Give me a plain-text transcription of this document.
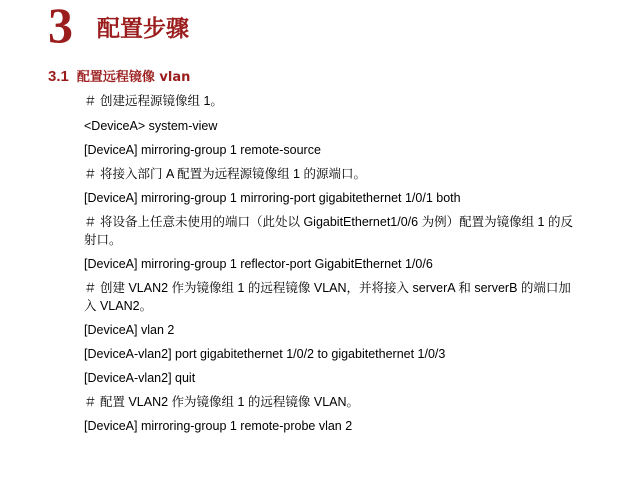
3 配置步骤
3.1 配置远程镜像 vlan
＃ 创建远程源镜像组 1。
<DeviceA> system-view
[DeviceA] mirroring-group 1 remote-source
＃ 将接入部门 A 配置为远程源镜像组 1 的源端口。
[DeviceA] mirroring-group 1 mirroring-port gigabitethernet 1/0/1 both
＃ 将设备上任意未使用的端口（此处以 GigabitEthernet1/0/6 为例）配置为镜像组 1 的反射口。
[DeviceA] mirroring-group 1 reflector-port GigabitEthernet 1/0/6
＃ 创建 VLAN2 作为镜像组 1 的远程镜像 VLAN，并将接入 serverA 和 serverB 的端口加入 VLAN2。
[DeviceA] vlan 2
[DeviceA-vlan2] port gigabitethernet 1/0/2 to gigabitethernet 1/0/3
[DeviceA-vlan2] quit
＃ 配置 VLAN2 作为镜像组 1 的远程镜像 VLAN。
[DeviceA] mirroring-group 1 remote-probe vlan 2
